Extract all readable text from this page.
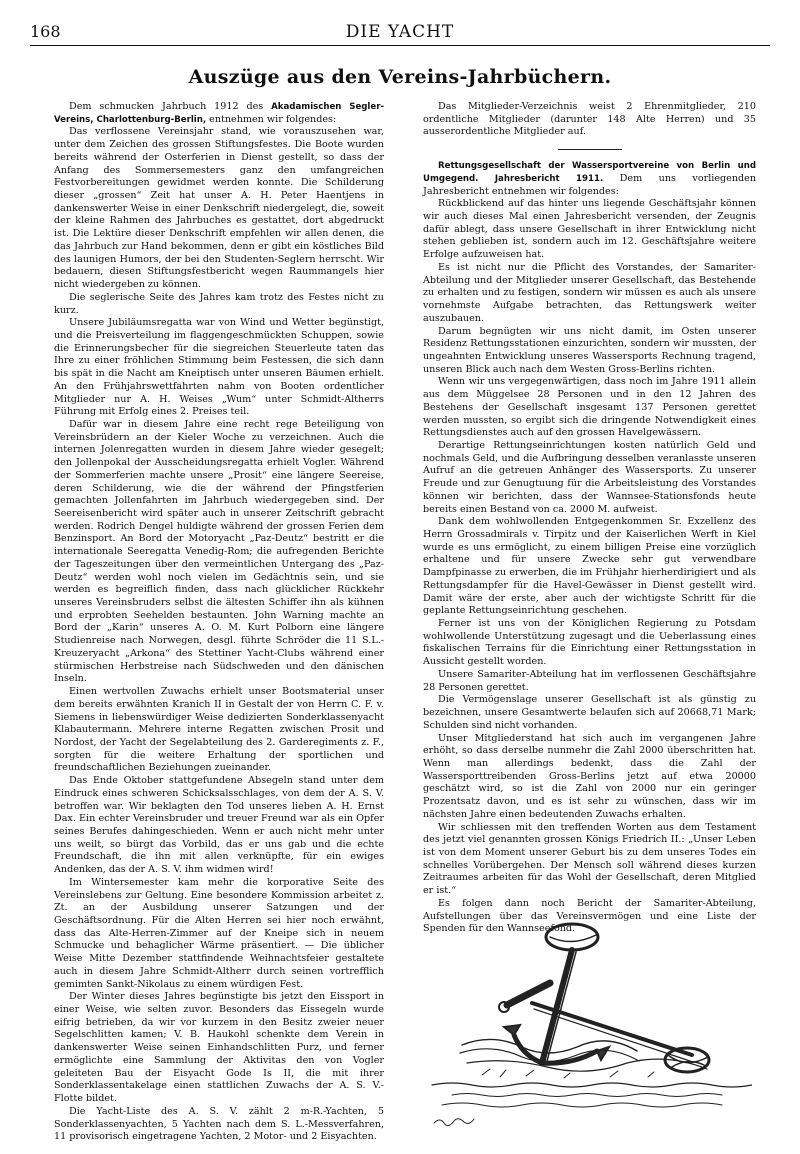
168	DIE YACHT
Auszüge aus den Vereins-Jahrbüchern.

Dem schmucken Jahrbuch 1912 des Akadamischen Segler-Vereins, Charlottenburg-Berlin, entnehmen wir folgendes:

Das verflossene Vereinsjahr stand, wie vorauszusehen war, unter dem Zeichen des grossen Stiftungsfestes. Die Boote wurden bereits während der Osterferien in Dienst gestellt, so dass der Anfang des Sommersemesters ganz den umfangreichen Festvorbereitungen gewidmet werden konnte. Die Schilderung dieser „grossen“ Zeit hat unser A. H. Peter Haentjens in dankenswerter Weise in einer Denkschrift niedergelegt, die, soweit der kleine Rahmen des Jahrbuches es gestattet, dort abgedruckt ist. Die Lektüre dieser Denkschrift empfehlen wir allen denen, die das Jahrbuch zur Hand bekommen, denn er gibt ein köstliches Bild des launigen Humors, der bei den Studenten-Seglern herrscht. Wir bedauern, diesen Stiftungsfestbericht wegen Raummangels hier nicht wiedergeben zu können.

Die seglerische Seite des Jahres kam trotz des Festes nicht zu kurz.

Unsere Jubiläumsregatta war von Wind und Wetter begünstigt, und die Preisverteilung im flaggengeschmückten Schuppen, sowie die Erinnerungsbecher für die siegreichen Steuerleute taten das Ihre zu einer fröhlichen Stimmung beim Festessen, die sich dann bis spät in die Nacht am Kneiptisch unter unseren Bäumen erhielt. An den Frühjahrswettfahrten nahm von Booten ordentlicher Mitglieder nur A. H. Weises „Wum“ unter Schmidt-Altherrs Führung mit Erfolg eines 2. Preises teil.

Dafür war in diesem Jahre eine recht rege Beteiligung von Vereinsbrüdern an der Kieler Woche zu verzeichnen. Auch die internen Jolenregatten wurden in diesem Jahre wieder gesegelt; den Jollenpokal der Ausscheidungsregatta erhielt Vogler. Während der Sommerferien machte unsere „Prosit“ eine längere Seereise, deren Schilderung, wie die der während der Pfingstferien gemachten Jollenfahrten im Jahrbuch wiedergegeben sind. Der Seereisenbericht wird später auch in unserer Zeitschrift gebracht werden. Rodrich Dengel huldigte während der grossen Ferien dem Benzinsport. An Bord der Motoryacht „Paz-Deutz“ bestritt er die internationale Seeregatta Venedig-Rom; die aufregenden Berichte der Tageszeitungen über den vermeintlichen Untergang des „Paz-Deutz“ werden wohl noch vielen im Gedächtnis sein, und sie werden es begreiflich finden, dass nach glücklicher Rückkehr unseres Vereinsbruders selbst die ältesten Schiffer ihn als kühnen und erprobten Seehelden bestaunten. John Warning machte an Bord der „Karin“ unseres A. O. M. Kurt Polborn eine längere Studienreise nach Norwegen, desgl. führte Schröder die 11 S.L.-Kreuzeryacht „Arkona“ des Stettiner Yacht-Clubs während einer stürmischen Herbstreise nach Südschweden und den dänischen Inseln.

Einen wertvollen Zuwachs erhielt unser Bootsmaterial unser dem bereits erwähnten Kranich II in Gestalt der von Herrn C. F. v. Siemens in liebenswürdiger Weise dedizierten Sonderklassenyacht Klabautermann. Mehrere interne Regatten zwischen Prosit und Nordost, der Yacht der Segelabteilung des 2. Garderegiments z. F., sorgten für die weitere Erhaltung der sportlichen und freundschaftlichen Beziehungen zueinander.

Das Ende Oktober stattgefundene Absegeln stand unter dem Eindruck eines schweren Schicksalsschlages, von dem der A. S. V. betroffen war. Wir beklagten den Tod unseres lieben A. H. Ernst Dax. Ein echter Vereinsbruder und treuer Freund war als ein Opfer seines Berufes dahingeschieden. Wenn er auch nicht mehr unter uns weilt, so bürgt das Vorbild, das er uns gab und die echte Freundschaft, die ihn mit allen verknüpfte, für ein ewiges Andenken, das der A. S. V. ihm widmen wird!

Im Wintersemester kam mehr die korporative Seite des Vereinslebens zur Geltung. Eine besondere Kommission arbeitet z. Zt. an der Ausbildung unserer Satzungen und der Geschäftsordnung. Für die Alten Herren sei hier noch erwähnt, dass das Alte-Herren-Zimmer auf der Kneipe sich in neuem Schmucke und behaglicher Wärme präsentiert. — Die üblicher Weise Mitte Dezember stattfindende Weihnachtsfeier gestaltete auch in diesem Jahre Schmidt-Altherr durch seinen vortrefflich gemimten Sankt-Nikolaus zu einem würdigen Fest.

Der Winter dieses Jahres begünstigte bis jetzt den Eissport in einer Weise, wie selten zuvor. Besonders das Eissegeln wurde eifrig betrieben, da wir vor kurzem in den Besitz zweier neuer Segelschlitten kamen; V. B. Haukohl schenkte dem Verein in dankenswerter Weise seinen Einhandschlitten Purz, und ferner ermöglichte eine Sammlung der Aktivitas den von Vogler geleiteten Bau der Eisyacht Gode Is II, die mit ihrer Sonderklassentakelage einen stattlichen Zuwachs der A. S. V.-Flotte bildet.

Die Yacht-Liste des A. S. V. zählt 2 m-R.-Yachten, 5 Sonderklassenyachten, 5 Yachten nach dem S. L.-Messverfahren, 11 provisorisch eingetragene Yachten, 2 Motor- und 2 Eisyachten.

Das Mitglieder-Verzeichnis weist 2 Ehrenmitglieder, 210 ordentliche Mitglieder (darunter 148 Alte Herren) und 35 ausserordentliche Mitglieder auf.

Rettungsgesellschaft der Wassersportvereine von Berlin und Umgegend. Jahresbericht 1911. Dem uns vorliegenden Jahresbericht entnehmen wir folgendes:

Rückblickend auf das hinter uns liegende Geschäftsjahr können wir auch dieses Mal einen Jahresbericht versenden, der Zeugnis dafür ablegt, dass unsere Gesellschaft in ihrer Entwicklung nicht stehen geblieben ist, sondern auch im 12. Geschäftsjahre weitere Erfolge aufzuweisen hat.

Es ist nicht nur die Pflicht des Vorstandes, der Samariter-Abteilung und der Mitglieder unserer Gesellschaft, das Bestehende zu erhalten und zu festigen, sondern wir müssen es auch als unsere vornehmste Aufgabe betrachten, das Rettungswerk weiter auszubauen.

Darum begnügten wir uns nicht damit, im Osten unserer Residenz Rettungsstationen einzurichten, sondern wir mussten, der ungeahnten Entwicklung unseres Wassersports Rechnung tragend, unseren Blick auch nach dem Westen Gross-Berlins richten.

Wenn wir uns vergegenwärtigen, dass noch im Jahre 1911 allein aus dem Müggelsee 28 Personen und in den 12 Jahren des Bestehens der Gesellschaft insgesamt 137 Personen gerettet werden mussten, so ergibt sich die dringende Notwendigkeit eines Rettungsdienstes auch auf den grossen Havelgewässern.

Derartige Rettungseinrichtungen kosten natürlich Geld und nochmals Geld, und die Aufbringung desselben veranlasste unseren Aufruf an die getreuen Anhänger des Wassersports. Zu unserer Freude und zur Genugtuung für die Arbeitsleistung des Vorstandes können wir berichten, dass der Wannsee-Stationsfonds heute bereits einen Bestand von ca. 2000 M. aufweist.

Dank dem wohlwollenden Entgegenkommen Sr. Exzellenz des Herrn Grossadmirals v. Tirpitz und der Kaiserlichen Werft in Kiel wurde es uns ermöglicht, zu einem billigen Preise eine vorzüglich erhaltene und für unsere Zwecke sehr gut verwendbare Dampfpinasse zu erwerben, die im Frühjahr hierherdirigiert und als Rettungsdampfer für die Havel-Gewässer in Dienst gestellt wird. Damit wäre der erste, aber auch der wichtigste Schritt für die geplante Rettungseinrichtung geschehen.

Ferner ist uns von der Königlichen Regierung zu Potsdam wohlwollende Unterstützung zugesagt und die Ueberlassung eines fiskalischen Terrains für die Einrichtung einer Rettungsstation in Aussicht gestellt worden.

Unsere Samariter-Abteilung hat im verflossenen Geschäftsjahre 28 Personen gerettet.

Die Vermögenslage unserer Gesellschaft ist als günstig zu bezeichnen, unsere Gesamtwerte belaufen sich auf 20668,71 Mark; Schulden sind nicht vorhanden.

Unser Mitgliederstand hat sich auch im vergangenen Jahre erhöht, so dass derselbe nunmehr die Zahl 2000 überschritten hat. Wenn man allerdings bedenkt, dass die Zahl der Wassersporttreibenden Gross-Berlins jetzt auf etwa 20000 geschätzt wird, so ist die Zahl von 2000 nur ein geringer Prozentsatz davon, und es ist sehr zu wünschen, dass wir im nächsten Jahre einen bedeutenden Zuwachs erhalten.

Wir schliessen mit den treffenden Worten aus dem Testament des jetzt viel genannten grossen Königs Friedrich II.: „Unser Leben ist von dem Moment unserer Geburt bis zu dem unseres Todes ein schnelles Vorübergehen. Der Mensch soll während dieses kurzen Zeitraumes arbeiten für das Wohl der Gesellschaft, deren Mitglied er ist.“

Es folgen dann noch Bericht der Samariter-Abteilung, Aufstellungen über das Vereinsvermögen und eine Liste der Spenden für den Wannseefond.
